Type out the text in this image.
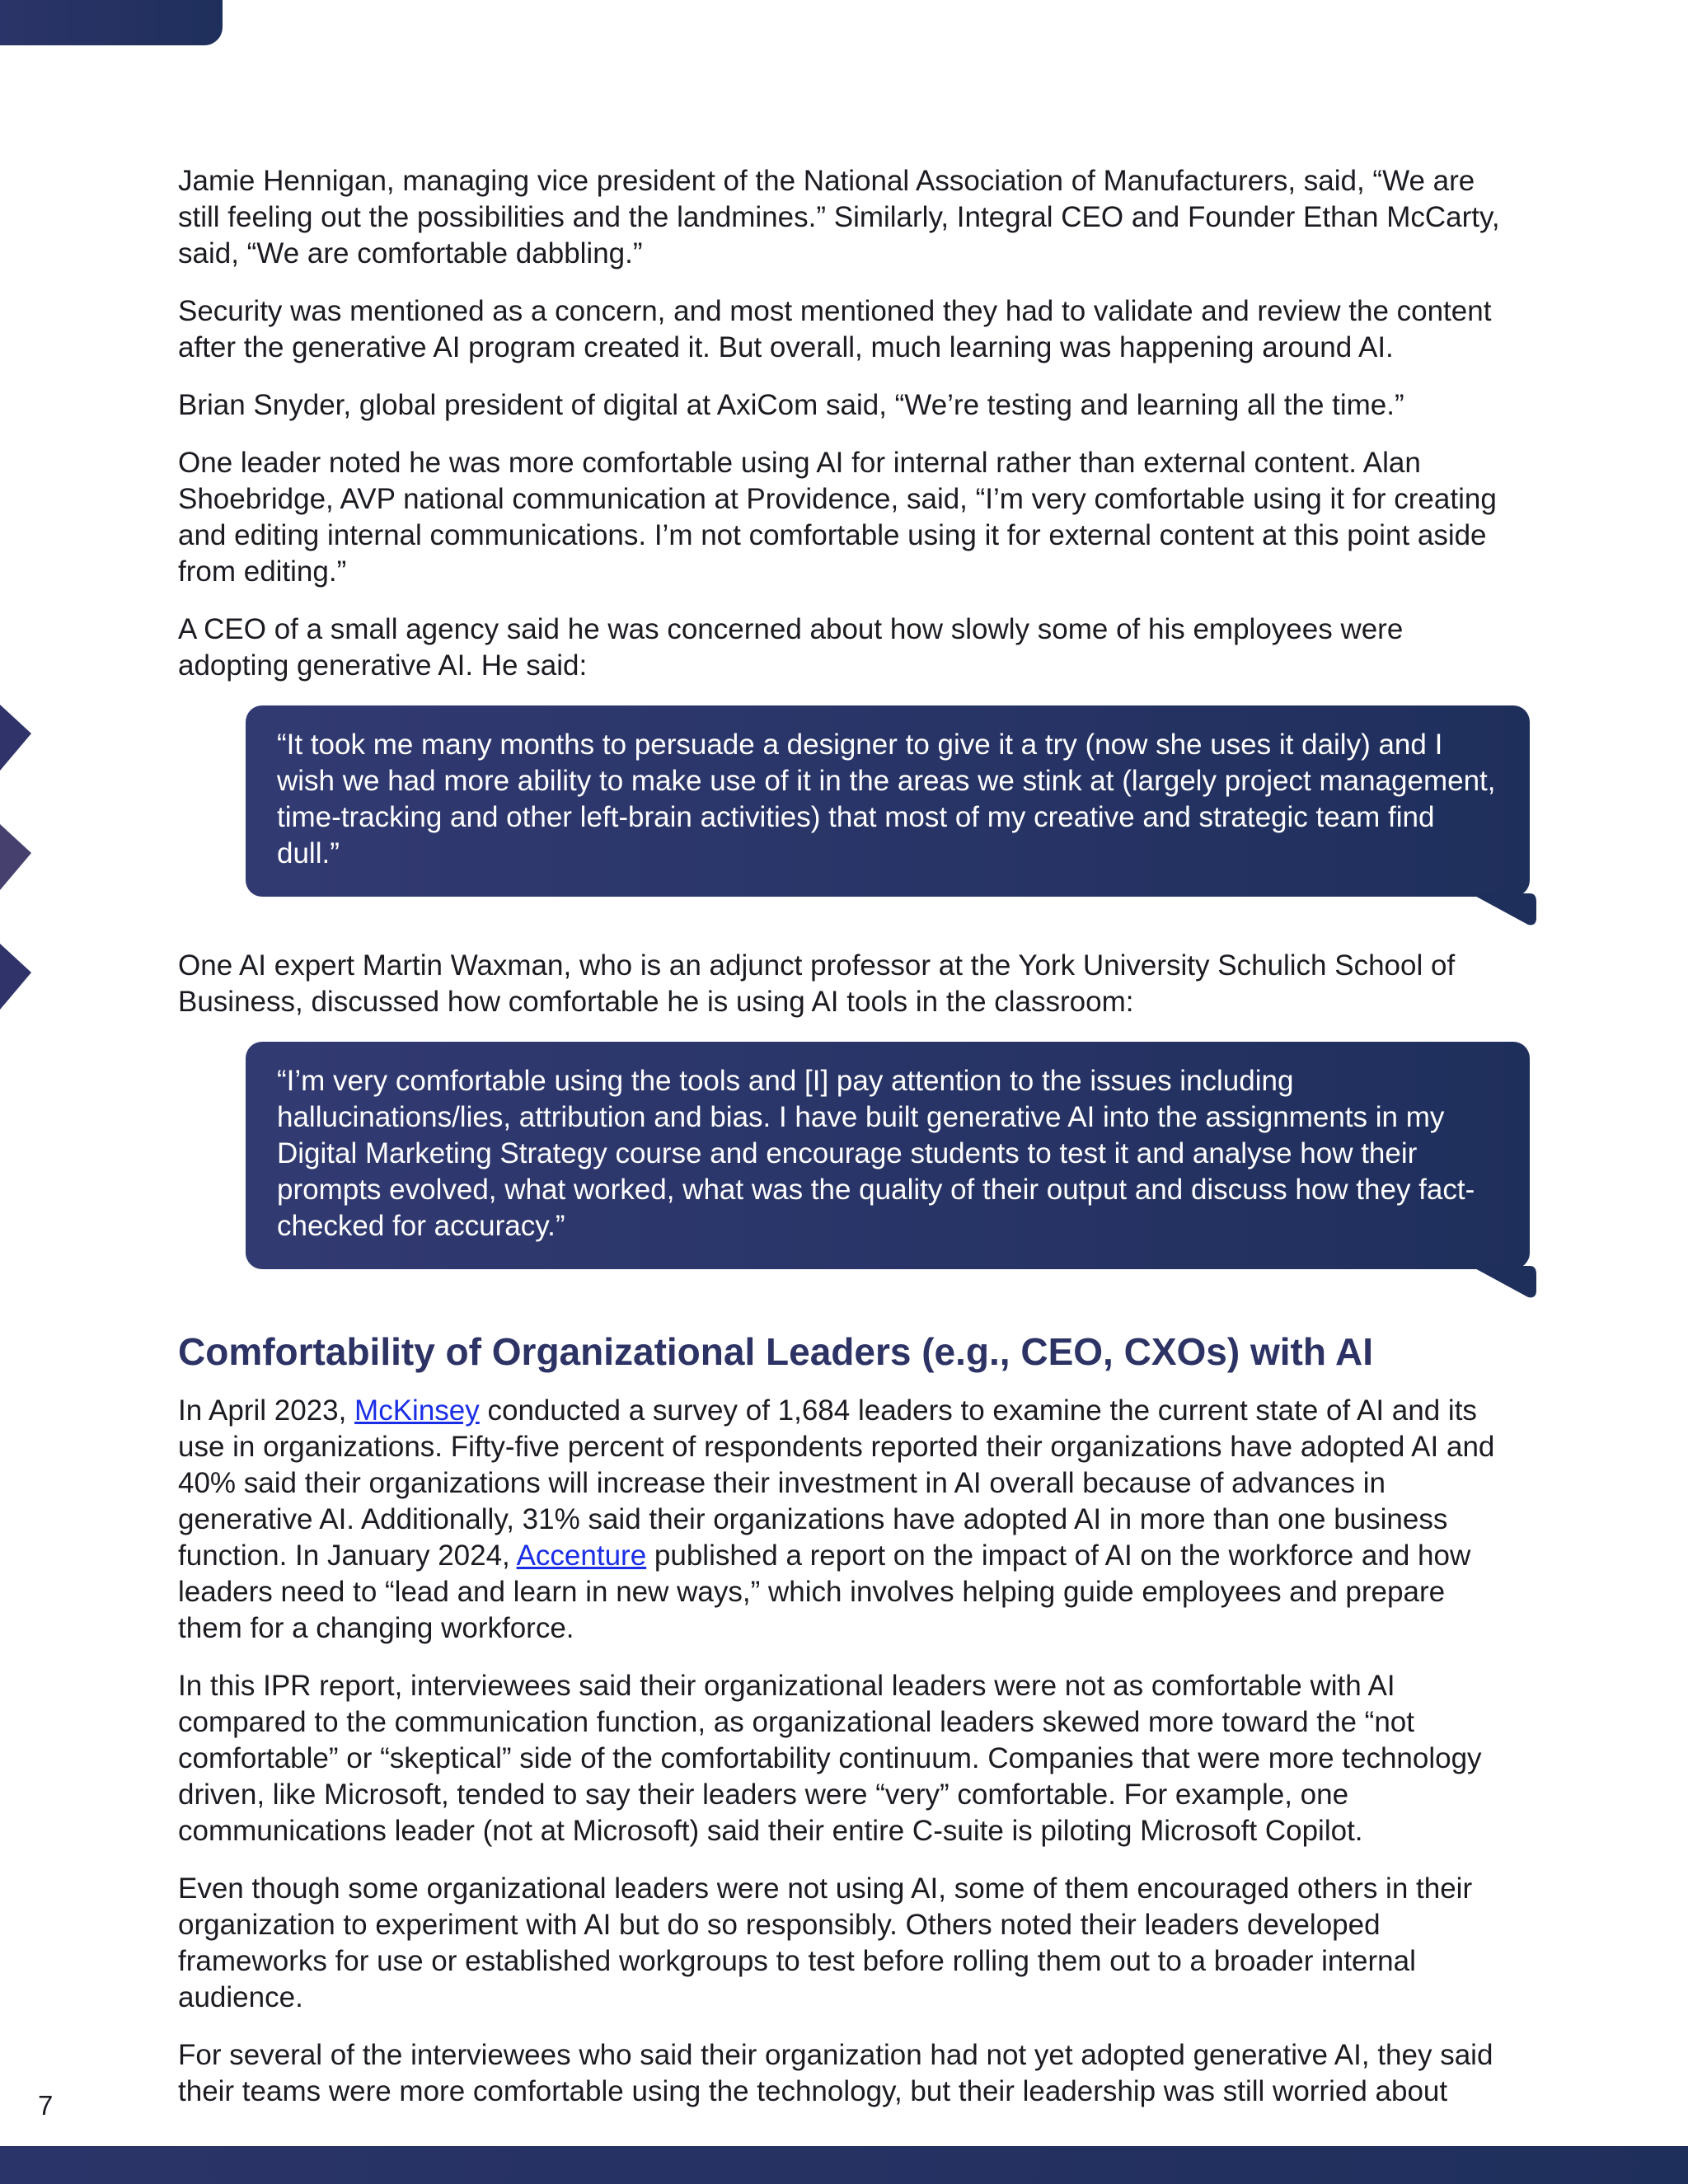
Jamie Hennigan, managing vice president of the National Association of Manufacturers, said, “We are still feeling out the possibilities and the landmines.” Similarly, Integral CEO and Founder Ethan McCarty, said, “We are comfortable dabbling.”

Security was mentioned as a concern, and most mentioned they had to validate and review the content after the generative AI program created it. But overall, much learning was happening around AI.

Brian Snyder, global president of digital at AxiCom said, “We’re testing and learning all the time.”

One leader noted he was more comfortable using AI for internal rather than external content. Alan Shoebridge, AVP national communication at Providence, said, “I’m very comfortable using it for creating and editing internal communications. I’m not comfortable using it for external content at this point aside from editing.”

A CEO of a small agency said he was concerned about how slowly some of his employees were adopting generative AI. He said:

“It took me many months to persuade a designer to give it a try (now she uses it daily) and I wish we had more ability to make use of it in the areas we stink at (largely project management, time-tracking and other left-brain activities) that most of my creative and strategic team find dull.”

One AI expert Martin Waxman, who is an adjunct professor at the York University Schulich School of Business, discussed how comfortable he is using AI tools in the classroom:

“I’m very comfortable using the tools and [I] pay attention to the issues including hallucinations/lies, attribution and bias. I have built generative AI into the assignments in my Digital Marketing Strategy course and encourage students to test it and analyse how their prompts evolved, what worked, what was the quality of their output and discuss how they fact-checked for accuracy.”
Comfortability of Organizational Leaders (e.g., CEO, CXOs) with AI

In April 2023, McKinsey conducted a survey of 1,684 leaders to examine the current state of AI and its use in organizations. Fifty-five percent of respondents reported their organizations have adopted AI and 40% said their organizations will increase their investment in AI overall because of advances in generative AI. Additionally, 31% said their organizations have adopted AI in more than one business function. In January 2024, Accenture published a report on the impact of AI on the workforce and how leaders need to “lead and learn in new ways,” which involves helping guide employees and prepare them for a changing workforce.

In this IPR report, interviewees said their organizational leaders were not as comfortable with AI compared to the communication function, as organizational leaders skewed more toward the “not comfortable” or “skeptical” side of the comfortability continuum. Companies that were more technology driven, like Microsoft, tended to say their leaders were “very” comfortable. For example, one communications leader (not at Microsoft) said their entire C-suite is piloting Microsoft Copilot.

Even though some organizational leaders were not using AI, some of them encouraged others in their organization to experiment with AI but do so responsibly. Others noted their leaders developed frameworks for use or established workgroups to test before rolling them out to a broader internal audience.

For several of the interviewees who said their organization had not yet adopted generative AI, they said their teams were more comfortable using the technology, but their leadership was still worried about

7
